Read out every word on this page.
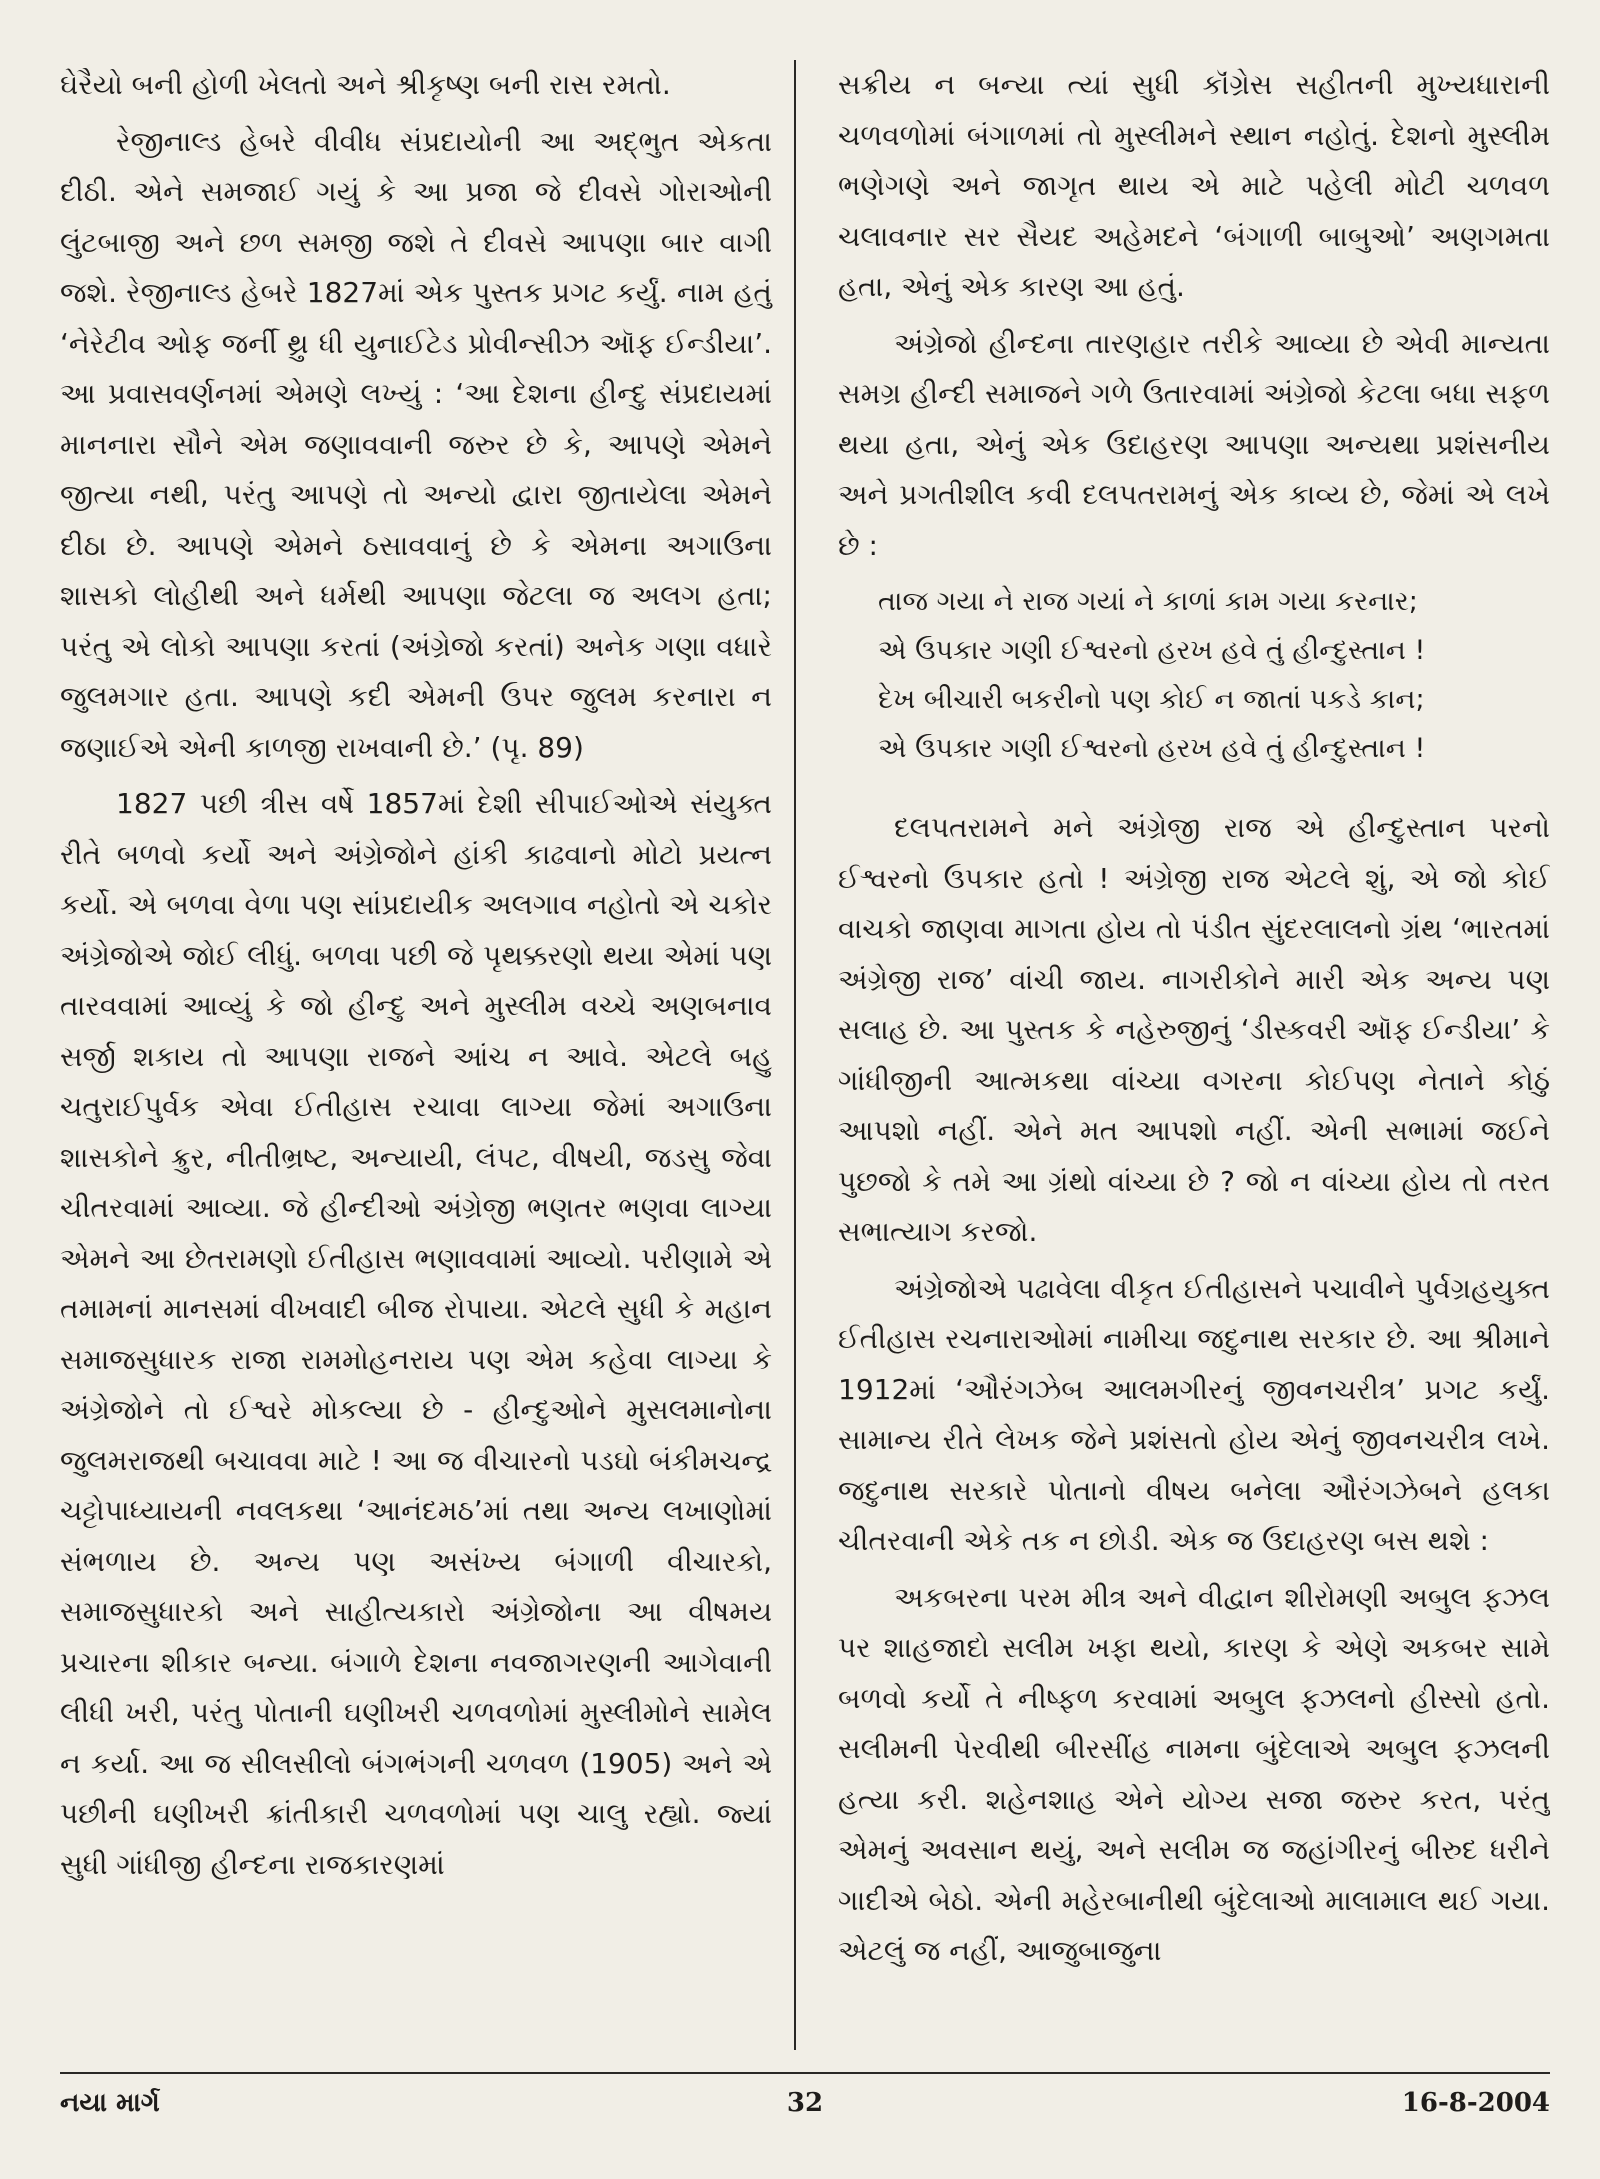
ઘેરૈયો બની હોળી ખેલતો અને શ્રીકૃષ્ણ બની રાસ રમતો.

રેજીનાલ્ડ હેબરે વીવીધ સંપ્રદાયોની આ અદ્ભુત એકતા દીઠી. એને સમજાઈ ગયું કે આ પ્રજા જે દીવસે ગોરાઓની લુંટબાજી અને છળ સમજી જશે તે દીવસે આપણા બાર વાગી જશે. રેજીનાલ્ડ હેબરે 1827માં એક પુસ્તક પ્રગટ કર્યું. નામ હતું ‘નેરેટીવ ઓફ જર્ની થ્રુ ધી યુનાઈટેડ પ્રોવીન્સીઝ ઑફ ઈન્ડીયા’. આ પ્રવાસવર્ણનમાં એમણે લખ્યું : ‘આ દેશના હીન્દુ સંપ્રદાયમાં માનનારા સૌને એમ જણાવવાની જરુર છે કે, આપણે એમને જીત્યા નથી, પરંતુ આપણે તો અન્યો દ્વારા જીતાયેલા એમને દીઠા છે. આપણે એમને ઠસાવવાનું છે કે એમના અગાઉના શાસકો લોહીથી અને ધર્મથી આપણા જેટલા જ અલગ હતા; પરંતુ એ લોકો આપણા કરતાં (અંગ્રેજો કરતાં) અનેક ગણા વધારે જુલમગાર હતા. આપણે કદી એમની ઉપર જુલમ કરનારા ન જણાઈએ એની કાળજી રાખવાની છે.’ (પૃ. 89)

1827 પછી ત્રીસ વર્ષે 1857માં દેશી સીપાઈઓએ સંયુક્ત રીતે બળવો કર્યો અને અંગ્રેજોને હાંકી કાઢવાનો મોટો પ્રયત્ન કર્યો. એ બળવા વેળા પણ સાંપ્રદાયીક અલગાવ નહોતો એ ચકોર અંગ્રેજોએ જોઈ લીધું. બળવા પછી જે પૃથક્કરણો થયા એમાં પણ તારવવામાં આવ્યું કે જો હીન્દુ અને મુસ્લીમ વચ્ચે અણબનાવ સર્જી શકાય તો આપણા રાજને આંચ ન આવે. એટલે બહુ ચતુરાઈપુર્વક એવા ઈતીહાસ રચાવા લાગ્યા જેમાં અગાઉના શાસકોને ક્રુર, નીતીભ્રષ્ટ, અન્યાયી, લંપટ, વીષયી, જડસુ જેવા ચીતરવામાં આવ્યા. જે હીન્દીઓ અંગ્રેજી ભણતર ભણવા લાગ્યા એમને આ છેતરામણો ઈતીહાસ ભણાવવામાં આવ્યો. પરીણામે એ તમામનાં માનસમાં વીખવાદી બીજ રોપાયા. એટલે સુધી કે મહાન સમાજસુધારક રાજા રામમોહનરાય પણ એમ કહેવા લાગ્યા કે અંગ્રેજોને તો ઈશ્વરે મોકલ્યા છે - હીન્દુઓને મુસલમાનોના જુલમરાજથી બચાવવા માટે ! આ જ વીચારનો પડઘો બંકીમચન્દ્ર ચટ્ટોપાધ્યાયની નવલકથા ‘આનંદમઠ’માં તથા અન્ય લખાણોમાં સંભળાય છે. અન્ય પણ અસંખ્ય બંગાળી વીચારકો, સમાજસુધારકો અને સાહીત્યકારો અંગ્રેજોના આ વીષમય પ્રચારના શીકાર બન્યા. બંગાળે દેશના નવજાગરણની આગેવાની લીધી ખરી, પરંતુ પોતાની ઘણીખરી ચળવળોમાં મુસ્લીમોને સામેલ ન કર્યા. આ જ સીલસીલો બંગભંગની ચળવળ (1905) અને એ પછીની ઘણીખરી ક્રાંતીકારી ચળવળોમાં પણ ચાલુ રહ્યો. જ્યાં સુધી ગાંધીજી હીન્દના રાજકારણમાં

સક્રીય ન બન્યા ત્યાં સુધી કૉંગ્રેસ સહીતની મુખ્યધારાની ચળવળોમાં બંગાળમાં તો મુસ્લીમને સ્થાન નહોતું. દેશનો મુસ્લીમ ભણેગણે અને જાગૃત થાય એ માટે પહેલી મોટી ચળવળ ચલાવનાર સર સૈયદ અહેમદને ‘બંગાળી બાબુઓ’ અણગમતા હતા, એનું એક કારણ આ હતું.

અંગ્રેજો હીન્દના તારણહાર તરીકે આવ્યા છે એવી માન્યતા સમગ્ર હીન્દી સમાજને ગળે ઉતારવામાં અંગ્રેજો કેટલા બધા સફળ થયા હતા, એનું એક ઉદાહરણ આપણા અન્યથા પ્રશંસનીય અને પ્રગતીશીલ કવી દલપતરામનું એક કાવ્ય છે, જેમાં એ લખે છે :

તાજ ગયા ને રાજ ગયાં ને કાળાં કામ ગયા કરનાર;
એ ઉપકાર ગણી ઈશ્વરનો હરખ હવે તું હીન્દુસ્તાન !
દેખ બીચારી બકરીનો પણ કોઈ ન જાતાં પકડે કાન;
એ ઉપકાર ગણી ઈશ્વરનો હરખ હવે તું હીન્દુસ્તાન !

દલપતરામને મને અંગ્રેજી રાજ એ હીન્દુસ્તાન પરનો ઈશ્વરનો ઉપકાર હતો ! અંગ્રેજી રાજ એટલે શું, એ જો કોઈ વાચકો જાણવા માગતા હોય તો પંડીત સુંદરલાલનો ગ્રંથ ‘ભારતમાં અંગ્રેજી રાજ’ વાંચી જાય. નાગરીકોને મારી એક અન્ય પણ સલાહ છે. આ પુસ્તક કે નહેરુજીનું ‘ડીસ્કવરી ઑફ ઈન્ડીયા’ કે ગાંધીજીની આત્મકથા વાંચ્યા વગરના કોઈપણ નેતાને કોઠું આપશો નહીં. એને મત આપશો નહીં. એની સભામાં જઈને પુછજો કે તમે આ ગ્રંથો વાંચ્યા છે ? જો ન વાંચ્યા હોય તો તરત સભાત્યાગ કરજો.

અંગ્રેજોએ પઢાવેલા વીકૃત ઈતીહાસને પચાવીને પુર્વગ્રહયુક્ત ઈતીહાસ રચનારાઓમાં નામીચા જદુનાથ સરકાર છે. આ શ્રીમાને 1912માં ‘ઔરંગઝેબ આલમગીરનું જીવનચરીત્ર’ પ્રગટ કર્યું. સામાન્ય રીતે લેખક જેને પ્રશંસતો હોય એનું જીવનચરીત્ર લખે. જદુનાથ સરકારે પોતાનો વીષય બનેલા ઔરંગઝેબને હલકા ચીતરવાની એકે તક ન છોડી. એક જ ઉદાહરણ બસ થશે :

અકબરના પરમ મીત્ર અને વીદ્વાન શીરોમણી અબુલ ફઝલ પર શાહજાદો સલીમ ખફા થયો, કારણ કે એણે અકબર સામે બળવો કર્યો તે નીષ્ફળ કરવામાં અબુલ ફઝલનો હીસ્સો હતો. સલીમની પેરવીથી બીરસીંહ નામના બુંદેલાએ અબુલ ફઝલની હત્યા કરી. શહેનશાહ એને યોગ્ય સજા જરુર કરત, પરંતુ એમનું અવસાન થયું, અને સલીમ જ જહાંગીરનું બીરુદ ધરીને ગાદીએ બેઠો. એની મહેરબાનીથી બુંદેલાઓ માલામાલ થઈ ગયા. એટલું જ નહીં, આજુબાજુના

નયા માર્ગ	32	16-8-2004
